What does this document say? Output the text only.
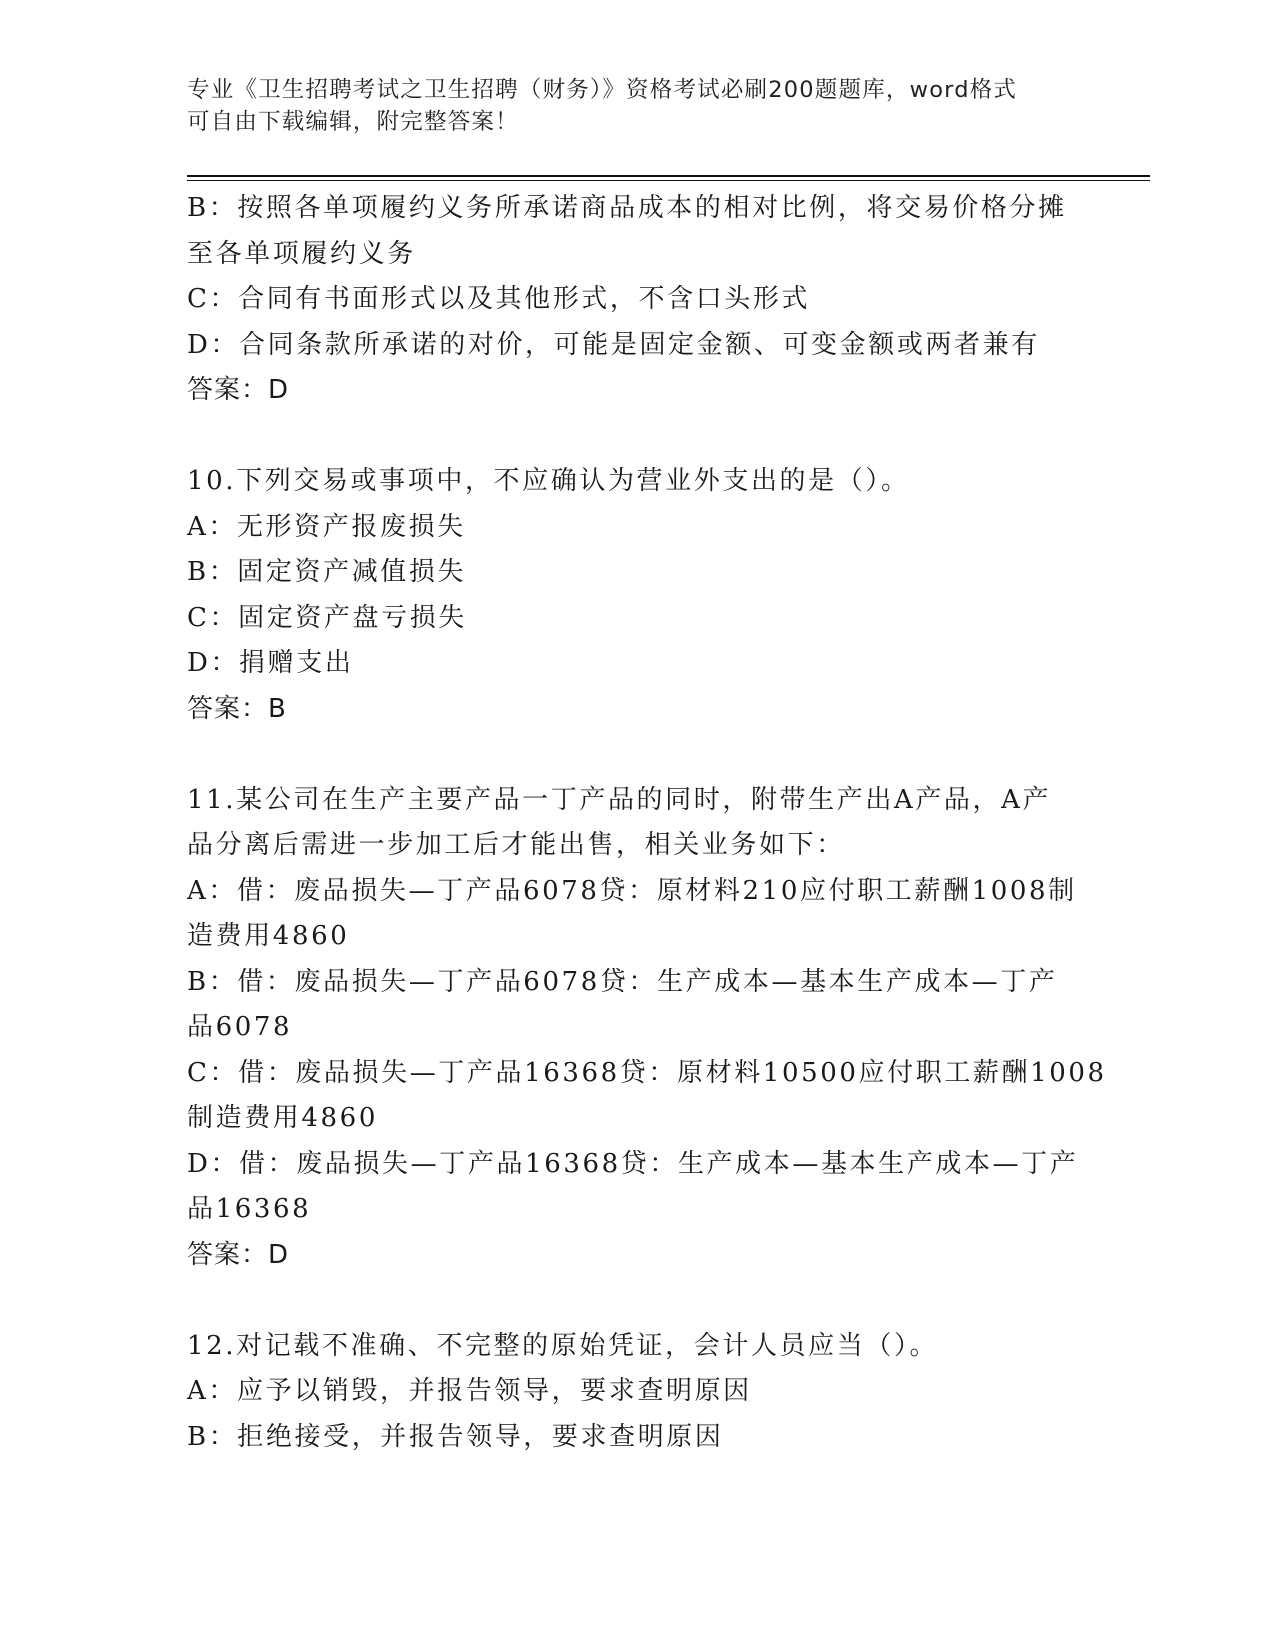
专业《卫生招聘考试之卫生招聘（财务）》资格考试必刷200题题库，word格式
可自由下载编辑，附完整答案！
B：按照各单项履约义务所承诺商品成本的相对比例，将交易价格分摊
至各单项履约义务
C：合同有书面形式以及其他形式，不含口头形式
D：合同条款所承诺的对价，可能是固定金额、可变金额或两者兼有
答案：D
10.下列交易或事项中，不应确认为营业外支出的是（）。
A：无形资产报废损失
B：固定资产减值损失
C：固定资产盘亏损失
D：捐赠支出
答案：B
11.某公司在生产主要产品一丁产品的同时，附带生产出A产品，A产
品分离后需进一步加工后才能出售，相关业务如下：
A：借：废品损失—丁产品6078贷：原材料210应付职工薪酬1008制
造费用4860
B：借：废品损失—丁产品6078贷：生产成本—基本生产成本—丁产
品6078
C：借：废品损失—丁产品16368贷：原材料10500应付职工薪酬1008
制造费用4860
D：借：废品损失—丁产品16368贷：生产成本—基本生产成本—丁产
品16368
答案：D
12.对记载不准确、不完整的原始凭证，会计人员应当（）。
A：应予以销毁，并报告领导，要求查明原因
B：拒绝接受，并报告领导，要求查明原因
